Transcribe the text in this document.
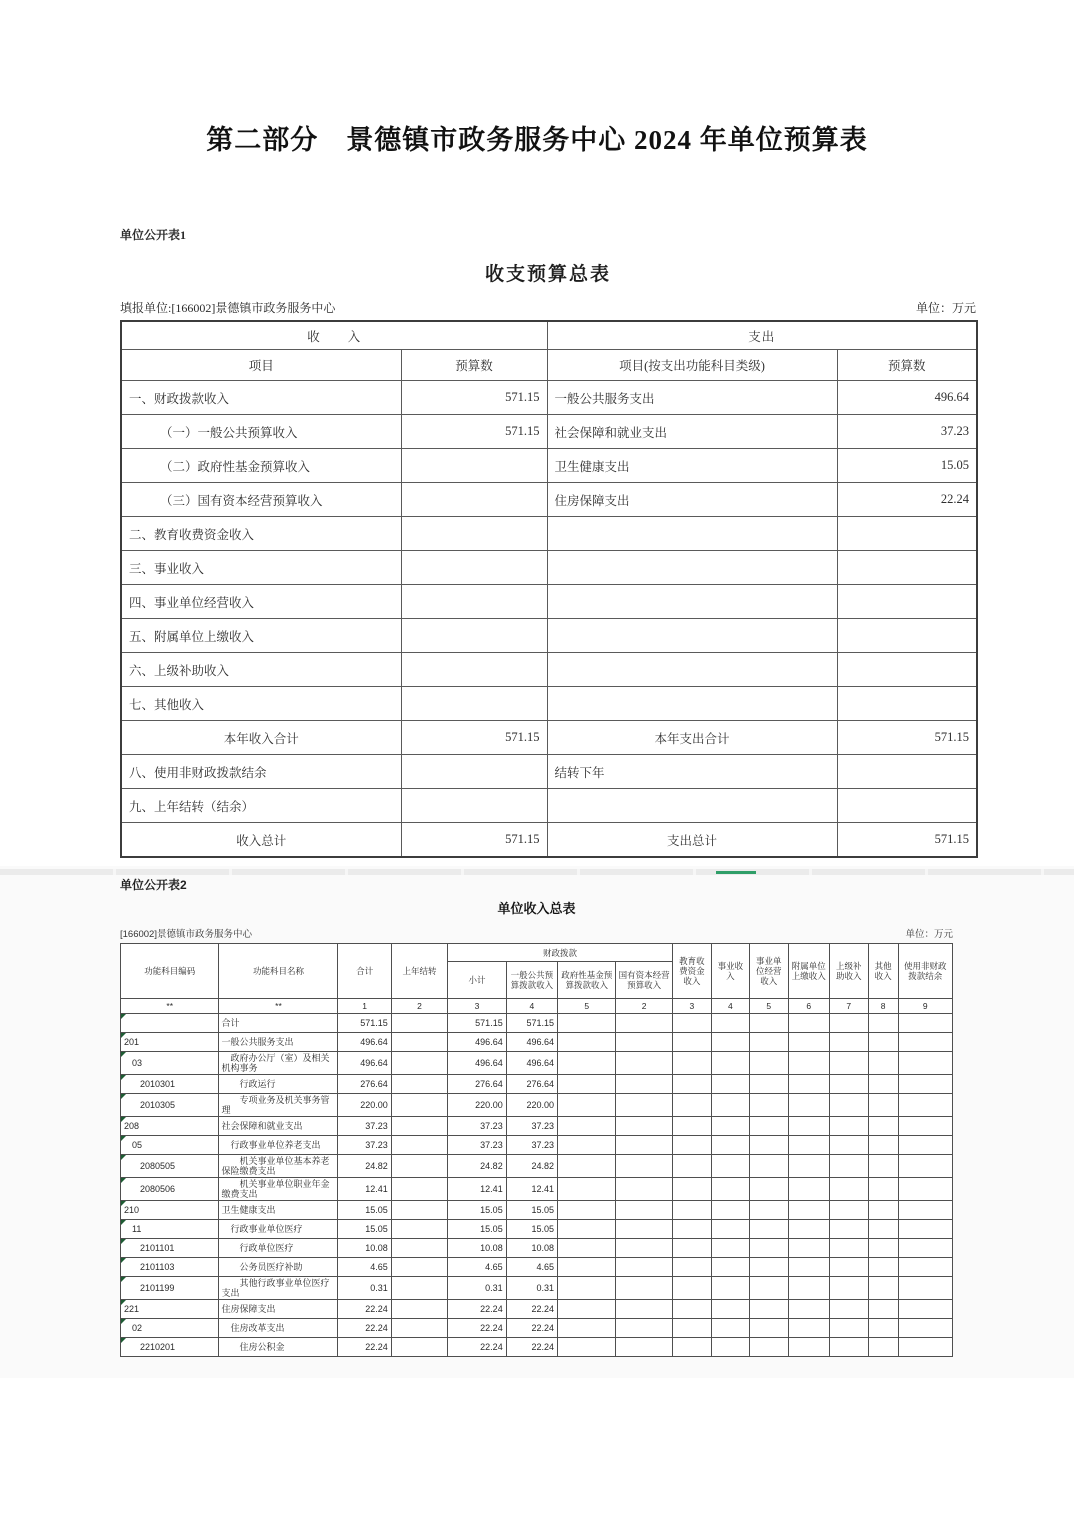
第二部分　景德镇市政务服务中心 2024 年单位预算表
单位公开表1
收支预算总表
填报单位:[166002]景德镇市政务服务中心	单位：万元
收　　入		支出	
项目	预算数	项目(按支出功能科目类级)	预算数
一、财政拨款收入	571.15	一般公共服务支出	496.64
（一）一般公共预算收入	571.15	社会保障和就业支出	37.23
（二）政府性基金预算收入		卫生健康支出	15.05
（三）国有资本经营预算收入		住房保障支出	22.24
二、教育收费资金收入			
三、事业收入			
四、事业单位经营收入			
五、附属单位上缴收入			
六、上级补助收入			
七、其他收入			
本年收入合计	571.15	本年支出合计	571.15
八、使用非财政拨款结余		结转下年	
九、上年结转（结余）			
收入总计	571.15	支出总计	571.15
单位公开表2
单位收入总表
[166002]景德镇市政务服务中心	单位：万元
功能科目编码	功能科目名称	合计	上年结转	财政拨款				教育收费资金收入	事业收入	事业单位经营收入	附属单位上缴收入	上级补助收入	其他收入	使用非财政拨款结余
				小计	一般公共预算拨款收入	政府性基金预算拨款收入	国有资本经营预算收入							
**	**	1	2	3	4	5	2	3	4	5	6	7	8	9

	合计	571.15		571.15	571.15									

201	一般公共服务支出	496.64		496.64	496.64									

03	政府办公厅（室）及相关机构事务	496.64		496.64	496.64									

2010301	行政运行	276.64		276.64	276.64									

2010305	专项业务及机关事务管理	220.00		220.00	220.00									

208	社会保障和就业支出	37.23		37.23	37.23									

05	行政事业单位养老支出	37.23		37.23	37.23									

2080505	机关事业单位基本养老保险缴费支出	24.82		24.82	24.82									

2080506	机关事业单位职业年金缴费支出	12.41		12.41	12.41									

210	卫生健康支出	15.05		15.05	15.05									

11	行政事业单位医疗	15.05		15.05	15.05									

2101101	行政单位医疗	10.08		10.08	10.08									

2101103	公务员医疗补助	4.65		4.65	4.65									

2101199	其他行政事业单位医疗支出	0.31		0.31	0.31									

221	住房保障支出	22.24		22.24	22.24									

02	住房改革支出	22.24		22.24	22.24									

2210201	住房公积金	22.24		22.24	22.24									
